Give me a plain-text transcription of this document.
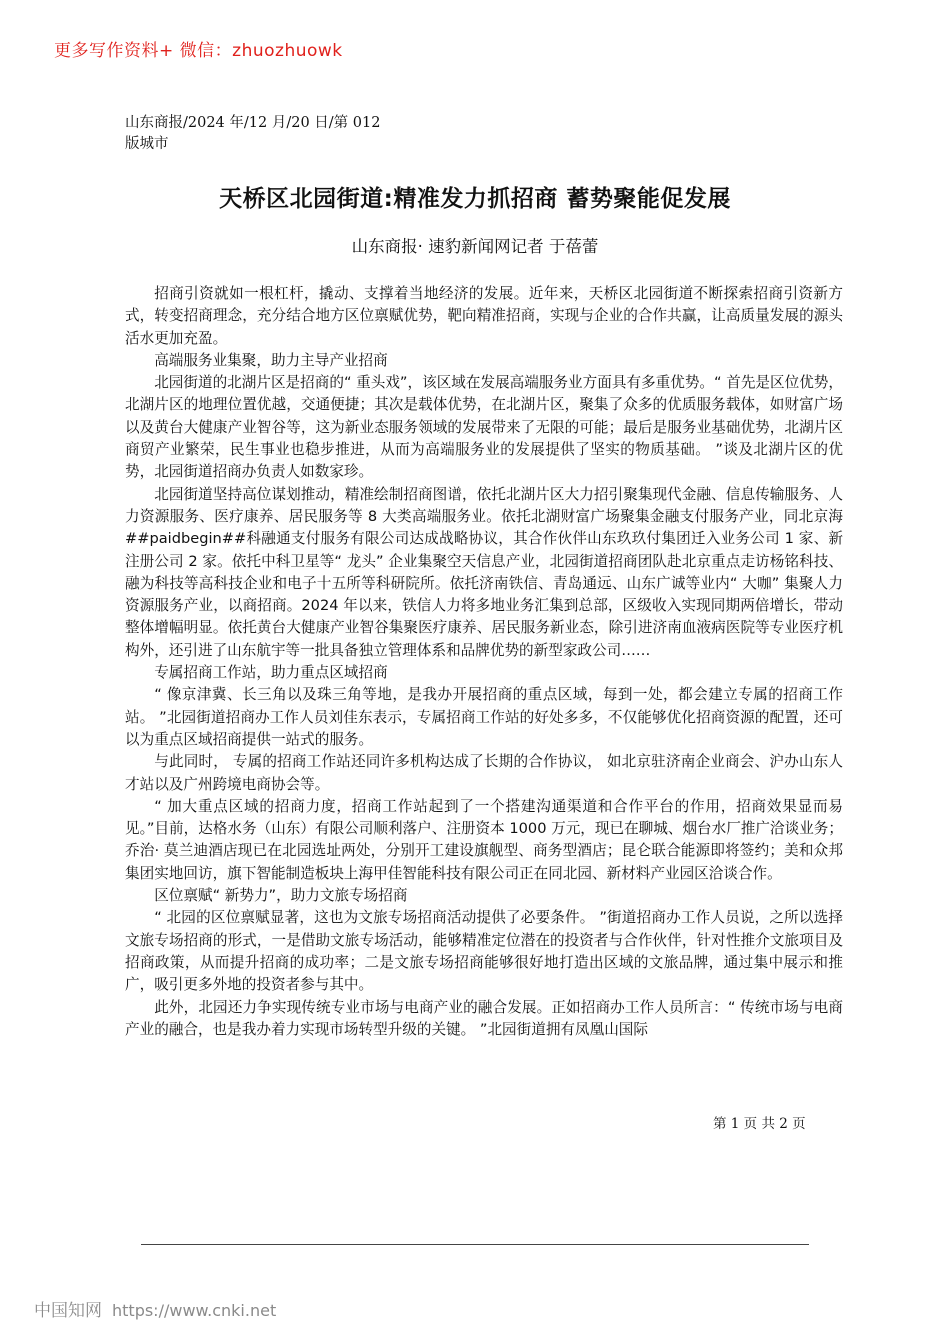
更多写作资料+ 微信：zhuozhuowk
山东商报/2024 年/12 月/20 日/第 012
版城市
天桥区北园街道:精准发力抓招商 蓄势聚能促发展
山东商报· 速豹新闻网记者 于蓓蕾

招商引资就如一根杠杆，撬动、支撑着当地经济的发展。近年来，天桥区北园街道不断探索招商引资新方式，转变招商理念，充分结合地方区位禀赋优势，靶向精准招商，实现与企业的合作共赢，让高质量发展的源头活水更加充盈。

高端服务业集聚，助力主导产业招商

北园街道的北湖片区是招商的“ 重头戏”，该区域在发展高端服务业方面具有多重优势。“ 首先是区位优势，北湖片区的地理位置优越，交通便捷；其次是载体优势，在北湖片区，聚集了众多的优质服务载体，如财富广场以及黄台大健康产业智谷等，这为新业态服务领域的发展带来了无限的可能；最后是服务业基础优势，北湖片区商贸产业繁荣，民生事业也稳步推进，从而为高端服务业的发展提供了坚实的物质基础。 ”谈及北湖片区的优势，北园街道招商办负责人如数家珍。

北园街道坚持高位谋划推动，精准绘制招商图谱，依托北湖片区大力招引聚集现代金融、信息传输服务、人力资源服务、医疗康养、居民服务等 8 大类高端服务业。依托北湖财富广场聚集金融支付服务产业，同北京海##paidbegin##科融通支付服务有限公司达成战略协议，其合作伙伴山东玖玖付集团迁入业务公司 1 家、新注册公司 2 家。依托中科卫星等“ 龙头” 企业集聚空天信息产业，北园街道招商团队赴北京重点走访杨铭科技、融为科技等高科技企业和电子十五所等科研院所。依托济南铁信、青岛通远、山东广诚等业内“ 大咖” 集聚人力资源服务产业，以商招商。2024 年以来，铁信人力将多地业务汇集到总部，区级收入实现同期两倍增长，带动整体增幅明显。依托黄台大健康产业智谷集聚医疗康养、居民服务新业态，除引进济南血液病医院等专业医疗机构外，还引进了山东航宇等一批具备独立管理体系和品牌优势的新型家政公司……

专属招商工作站，助力重点区域招商

“ 像京津冀、长三角以及珠三角等地，是我办开展招商的重点区域，每到一处，都会建立专属的招商工作站。 ”北园街道招商办工作人员刘佳东表示，专属招商工作站的好处多多，不仅能够优化招商资源的配置，还可以为重点区域招商提供一站式的服务。

与此同时， 专属的招商工作站还同许多机构达成了长期的合作协议， 如北京驻济南企业商会、沪办山东人才站以及广州跨境电商协会等。

“ 加大重点区域的招商力度，招商工作站起到了一个搭建沟通渠道和合作平台的作用，招商效果显而易见。”目前，达格水务（山东）有限公司顺利落户、注册资本 1000 万元，现已在聊城、烟台水厂推广洽谈业务；乔治· 莫兰迪酒店现已在北园选址两处，分别开工建设旗舰型、商务型酒店；昆仑联合能源即将签约；美和众邦集团实地回访，旗下智能制造板块上海甲佳智能科技有限公司正在同北园、新材料产业园区洽谈合作。

区位禀赋“ 新势力”，助力文旅专场招商

“ 北园的区位禀赋显著，这也为文旅专场招商活动提供了必要条件。 ”街道招商办工作人员说，之所以选择文旅专场招商的形式，一是借助文旅专场活动，能够精准定位潜在的投资者与合作伙伴，针对性推介文旅项目及招商政策，从而提升招商的成功率；二是文旅专场招商能够很好地打造出区域的文旅品牌，通过集中展示和推广，吸引更多外地的投资者参与其中。

此外，北园还力争实现传统专业市场与电商产业的融合发展。正如招商办工作人员所言：“ 传统市场与电商产业的融合，也是我办着力实现市场转型升级的关键。 ”北园街道拥有凤凰山国际

第 1 页 共 2 页
中国知网 https://www.cnki.net
